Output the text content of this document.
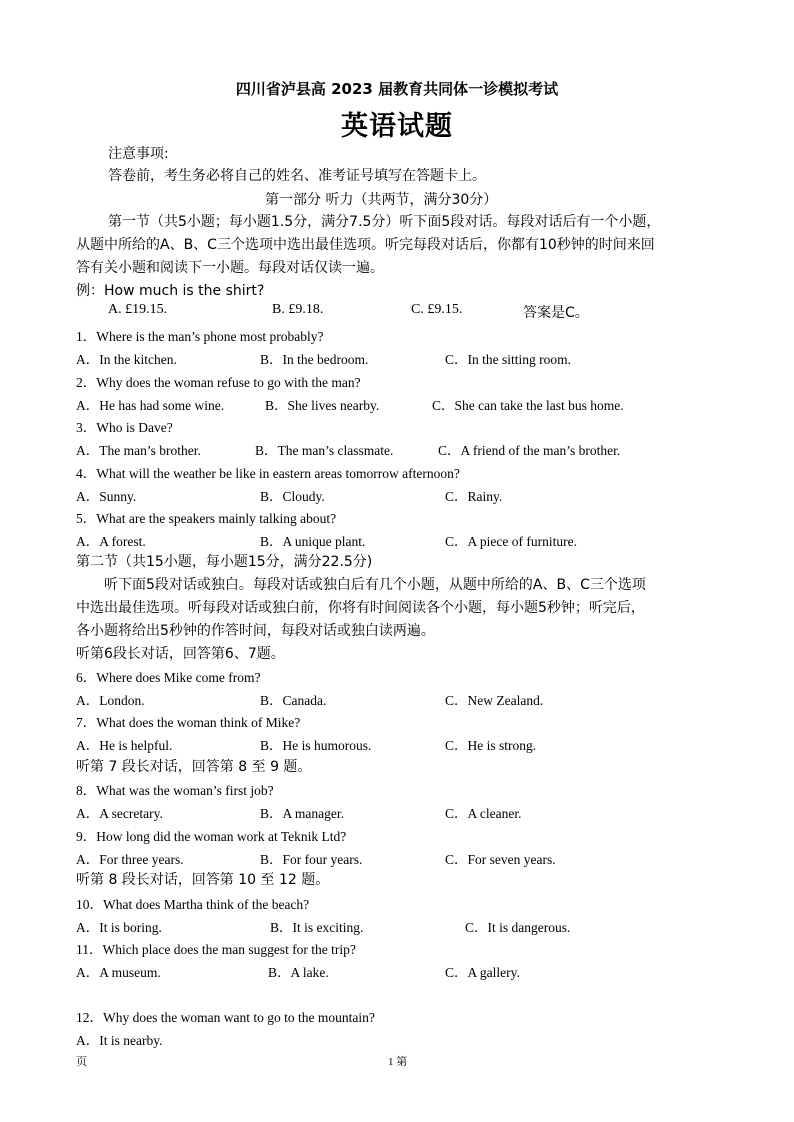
四川省泸县高 2023 届教育共同体一诊模拟考试
英语试题
注意事项:
答卷前，考生务必将自己的姓名、准考证号填写在答题卡上。
第一部分 听力（共两节，满分30分）
第一节（共5小题；每小题1.5分，满分7.5分）听下面5段对话。每段对话后有一个小题，
从题中所给的A、B、C三个选项中选出最佳选项。听完每段对话后，你都有10秒钟的时间来回
答有关小题和阅读下一小题。每段对话仅读一遍。
例：How much is the shirt?
A. £19.15.	B. £9.18.	C. £9.15.	答案是C。
1．Where is the man’s phone most probably?
A．In the kitchen.	B．In the bedroom.	C．In the sitting room.
2．Why does the woman refuse to go with the man?
A．He has had some wine.	B．She lives nearby.	C．She can take the last bus home.
3．Who is Dave?
A．The man’s brother.	B．The man’s classmate.	C．A friend of the man’s brother.
4．What will the weather be like in eastern areas tomorrow afternoon?
A．Sunny.	B．Cloudy.	C．Rainy.
5．What are the speakers mainly talking about?
A．A forest.	B．A unique plant.	C．A piece of furniture.
第二节（共15小题，每小题15分，满分22.5分)
听下面5段对话或独白。每段对话或独白后有几个小题，从题中所给的A、B、C三个选项
中选出最佳选项。听每段对话或独白前，你将有时间阅读各个小题，每小题5秒钟；听完后，
各小题将给出5秒钟的作答时间，每段对话或独白读两遍。
听第6段长对话，回答第6、7题。
6．Where does Mike come from?
A．London.	B．Canada.	C．New Zealand.
7．What does the woman think of Mike?
A．He is helpful.	B．He is humorous.	C．He is strong.
听第 7 段长对话，回答第 8 至 9 题。
8．What was the woman’s first job?
A．A secretary.	B．A manager.	C．A cleaner.
9．How long did the woman work at Teknik Ltd?
A．For three years.	B．For four years.	C．For seven years.
听第 8 段长对话，回答第 10 至 12 题。
10．What does Martha think of the beach?
A．It is boring.	B．It is exciting.	C．It is dangerous.
11．Which place does the man suggest for the trip?
A．A museum.	B．A lake.	C．A gallery.
12．Why does the woman want to go to the mountain?
A．It is nearby.
页	1 第
